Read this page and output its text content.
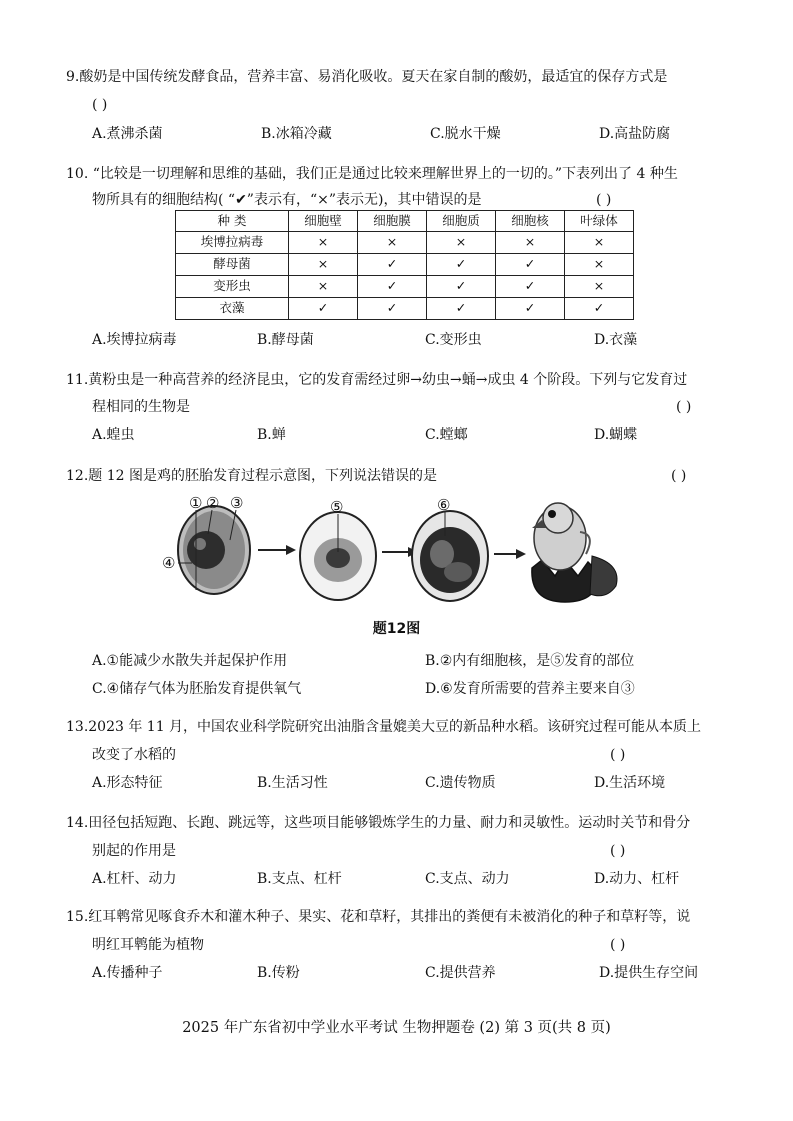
9.酸奶是中国传统发酵食品，营养丰富、易消化吸收。夏天在家自制的酸奶，最适宜的保存方式是
( )
A.煮沸杀菌	B.冰箱冷藏	C.脱水干燥	D.高盐防腐
10. “比较是一切理解和思维的基础，我们正是通过比较来理解世界上的一切的。”下表列出了 4 种生
物所具有的细胞结构( “✔”表示有，“×”表示无)，其中错误的是	( )
种 类	细胞壁	细胞膜	细胞质	细胞核	叶绿体
埃博拉病毒	×	×	×	×	×
酵母菌	×	✓	✓	✓	×
变形虫	×	✓	✓	✓	×
衣藻	✓	✓	✓	✓	✓
A.埃博拉病毒	B.酵母菌	C.变形虫	D.衣藻
11.黄粉虫是一种高营养的经济昆虫，它的发育需经过卵→幼虫→蛹→成虫 4 个阶段。下列与它发育过
程相同的生物是	( )
A.蝗虫	B.蝉	C.螳螂	D.蝴蝶
12.题 12 图是鸡的胚胎发育过程示意图，下列说法错误的是	( )
① ② ③
④
⑤	⑥
题12图
A.①能减少水散失并起保护作用	B.②内有细胞核，是⑤发育的部位
C.④储存气体为胚胎发育提供氧气	D.⑥发育所需要的营养主要来自③
13.2023 年 11 月，中国农业科学院研究出油脂含量媲美大豆的新品种水稻。该研究过程可能从本质上
改变了水稻的	( )
A.形态特征	B.生活习性	C.遗传物质	D.生活环境
14.田径包括短跑、长跑、跳远等，这些项目能够锻炼学生的力量、耐力和灵敏性。运动时关节和骨分
别起的作用是	( )
A.杠杆、动力	B.支点、杠杆	C.支点、动力	D.动力、杠杆
15.红耳鹎常见啄食乔木和灌木种子、果实、花和草籽，其排出的粪便有未被消化的种子和草籽等，说
明红耳鹎能为植物	( )
A.传播种子	B.传粉	C.提供营养	D.提供生存空间
2025 年广东省初中学业水平考试 生物押题卷 (2) 第 3 页(共 8 页)
